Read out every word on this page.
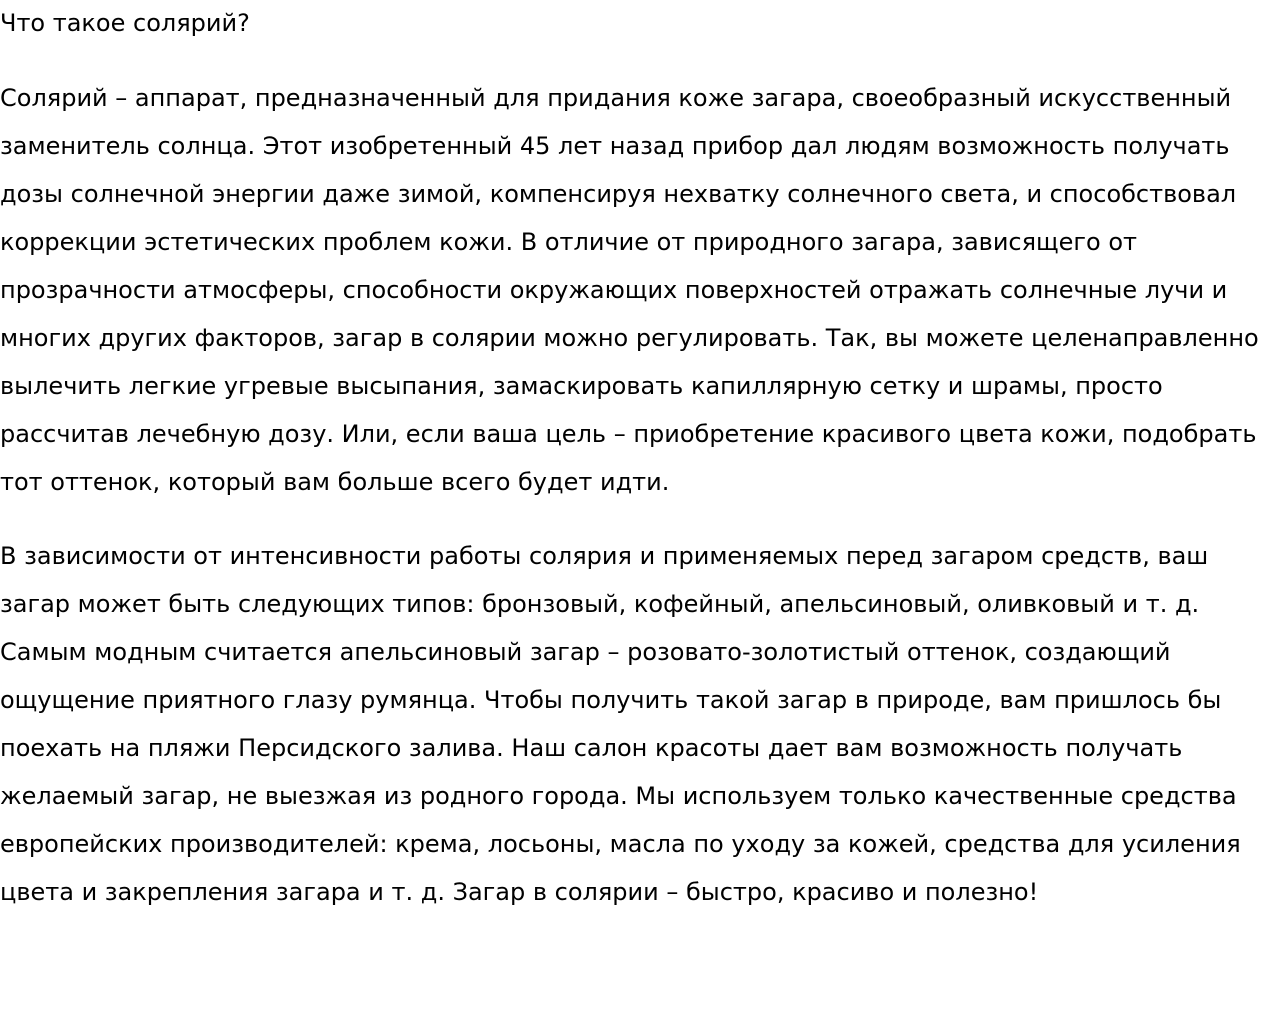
Что такое солярий?

Солярий – аппарат, предназначенный для придания коже загара, своеобразный искусственный заменитель солнца. Этот изобретенный 45 лет назад прибор дал людям возможность получать дозы солнечной энергии даже зимой, компенсируя нехватку солнечного света, и способствовал коррекции эстетических проблем кожи. В отличие от природного загара, зависящего от прозрачности атмосферы, способности окружающих поверхностей отражать солнечные лучи и многих других факторов, загар в солярии можно регулировать. Так, вы можете целенаправленно вылечить легкие угревые высыпания, замаскировать капиллярную сетку и шрамы, просто рассчитав лечебную дозу. Или, если ваша цель – приобретение красивого цвета кожи, подобрать тот оттенок, который вам больше всего будет идти.

В зависимости от интенсивности работы солярия и применяемых перед загаром средств, ваш загар может быть следующих типов: бронзовый, кофейный, апельсиновый, оливковый и т. д. Самым модным считается апельсиновый загар – розовато-золотистый оттенок, создающий ощущение приятного глазу румянца. Чтобы получить такой загар в природе, вам пришлось бы поехать на пляжи Персидского залива. Наш салон красоты дает вам возможность получать желаемый загар, не выезжая из родного города. Мы используем только качественные средства европейских производителей: крема, лосьоны, масла по уходу за кожей, средства для усиления цвета и закрепления загара и т. д. Загар в солярии – быстро, красиво и полезно!
